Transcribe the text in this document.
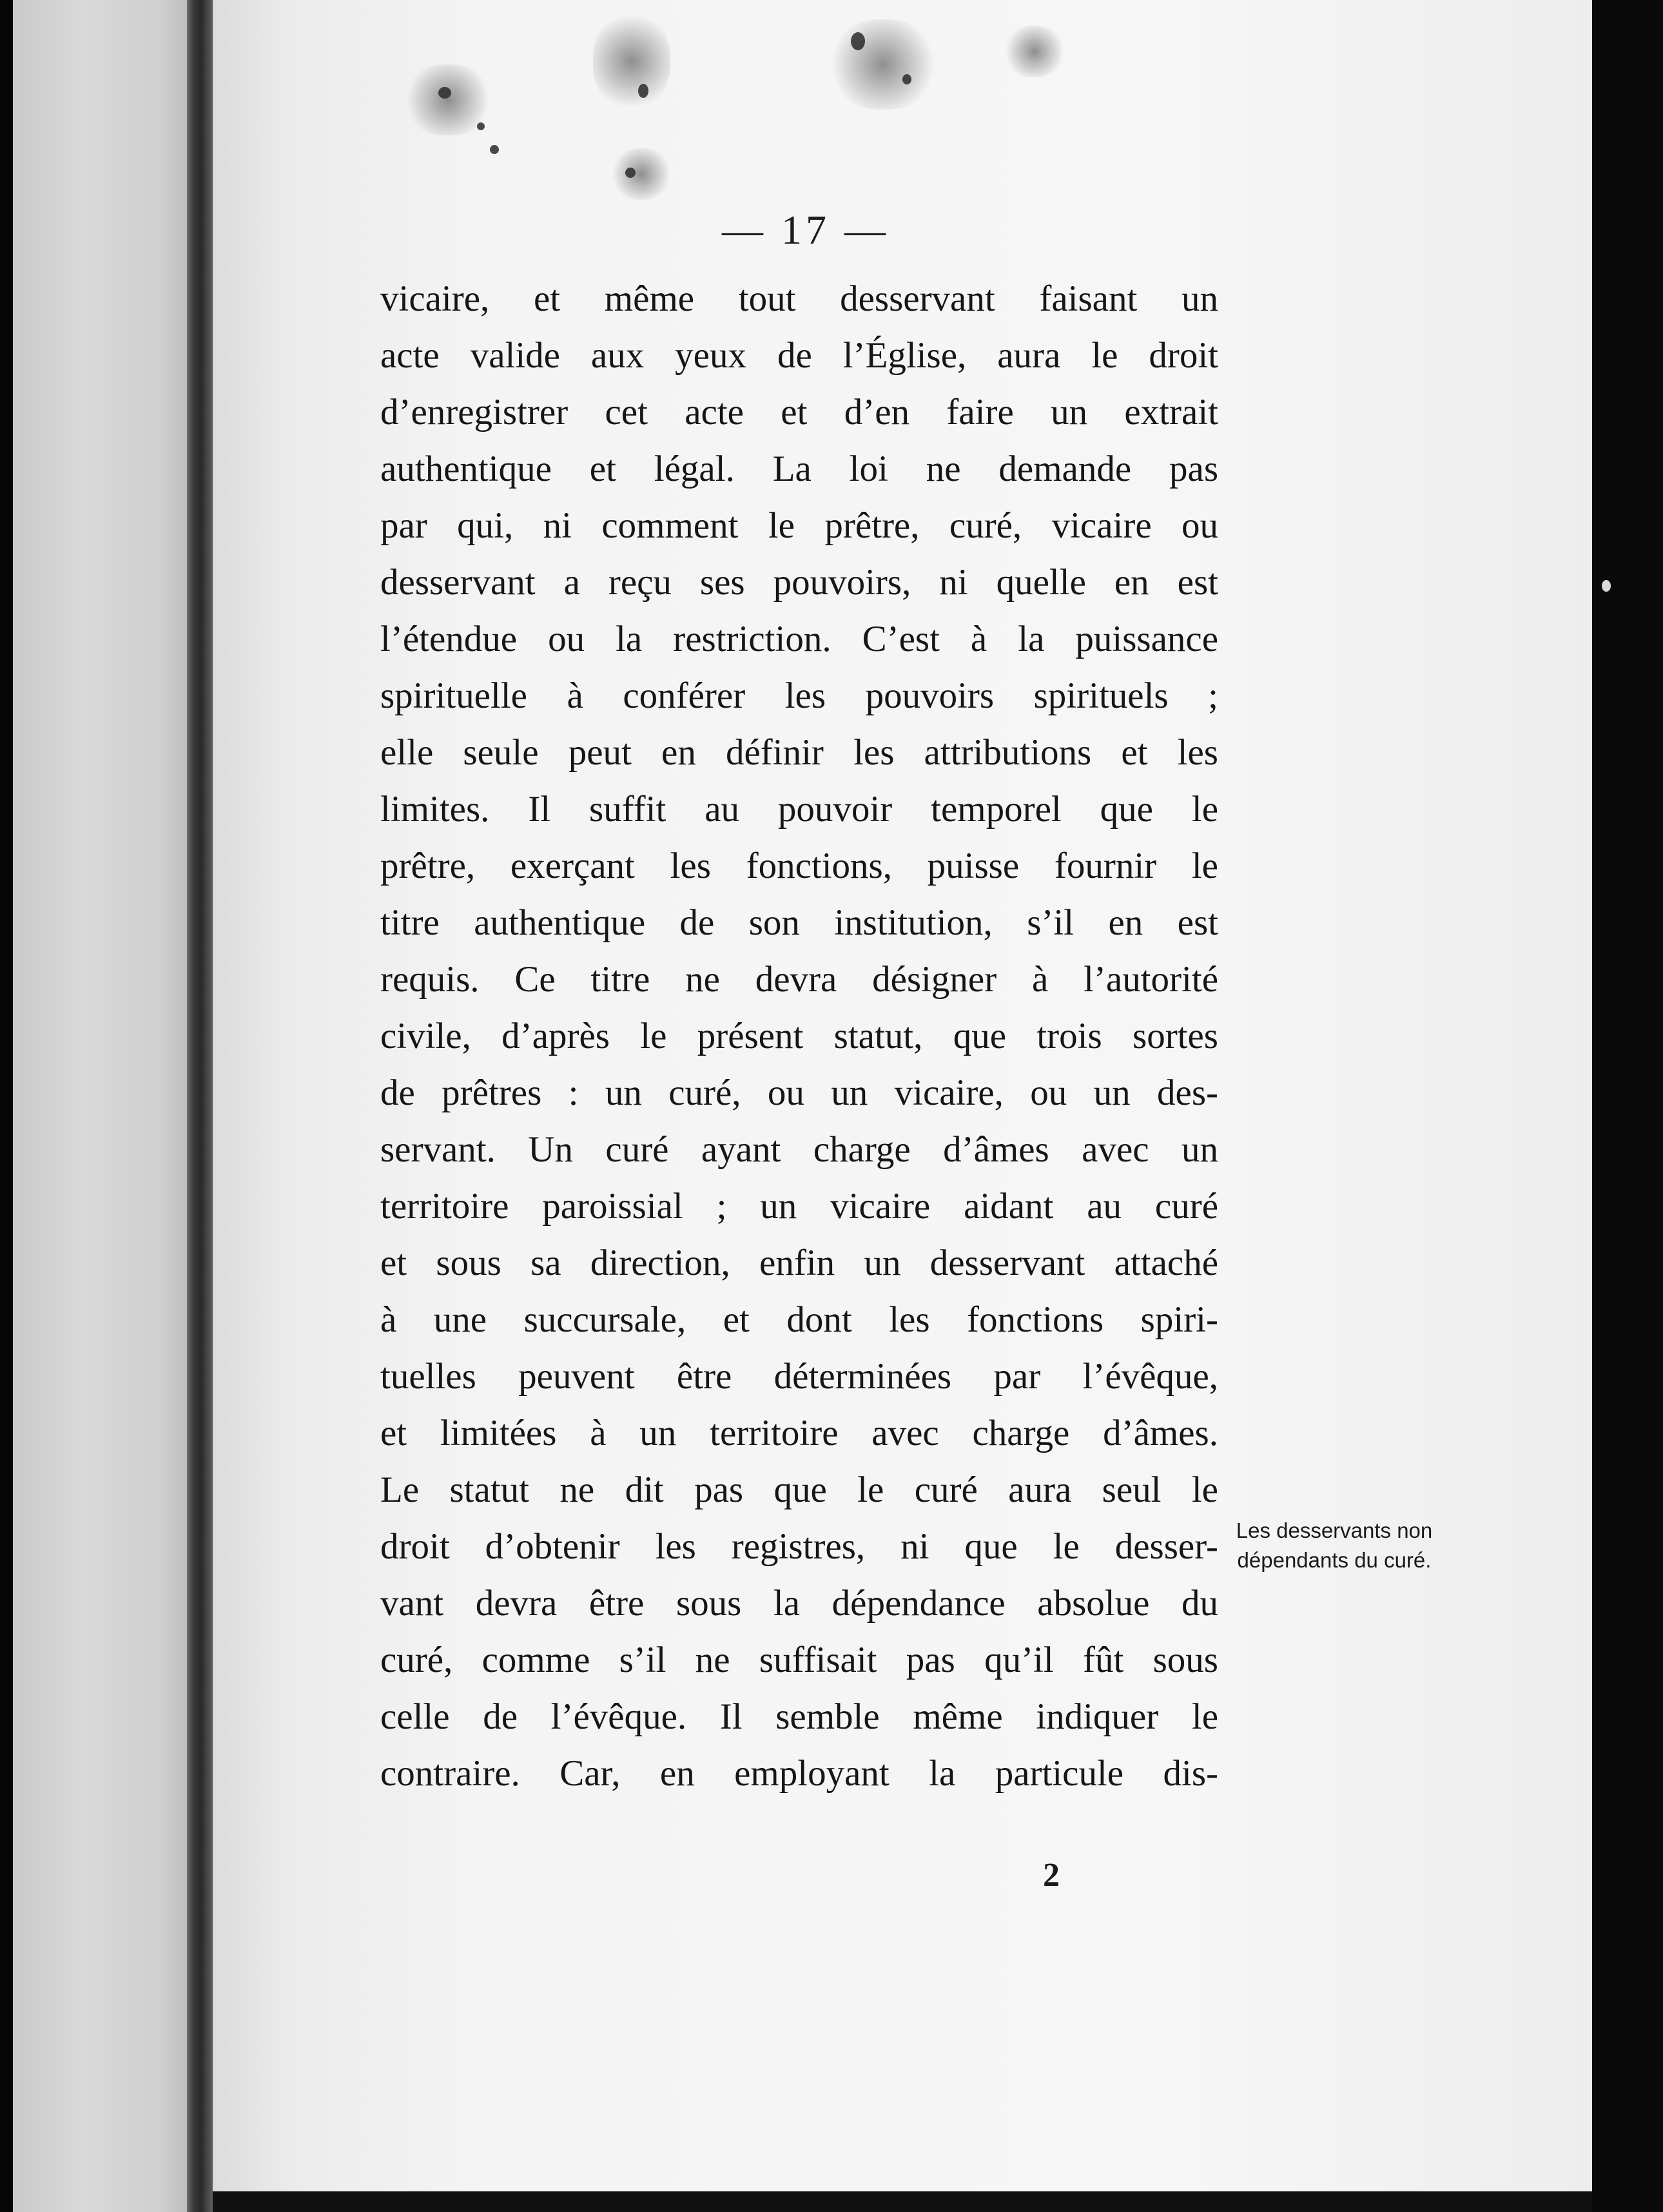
— 17 —
vicaire, et même tout desservant faisant un
acte valide aux yeux de l’Église, aura le droit
d’enregistrer cet acte et d’en faire un extrait
authentique et légal. La loi ne demande pas
par qui, ni comment le prêtre, curé, vicaire ou
desservant a reçu ses pouvoirs, ni quelle en est
l’étendue ou la restriction. C’est à la puissance
spirituelle à conférer les pouvoirs spirituels ;
elle seule peut en définir les attributions et les
limites. Il suffit au pouvoir temporel que le
prêtre, exerçant les fonctions, puisse fournir le
titre authentique de son institution, s’il en est
requis. Ce titre ne devra désigner à l’autorité
civile, d’après le présent statut, que trois sortes
de prêtres : un curé, ou un vicaire, ou un des-
servant. Un curé ayant charge d’âmes avec un
territoire paroissial ; un vicaire aidant au curé
et sous sa direction, enfin un desservant attaché
à une succursale, et dont les fonctions spiri-
tuelles peuvent être déterminées par l’évêque,
et limitées à un territoire avec charge d’âmes.
Le statut ne dit pas que le curé aura seul le
droit d’obtenir les registres, ni que le desser-
vant devra être sous la dépendance absolue du
curé, comme s’il ne suffisait pas qu’il fût sous
celle de l’évêque. Il semble même indiquer le
contraire. Car, en employant la particule dis-
Les desservants non
dépendants du curé.
2
